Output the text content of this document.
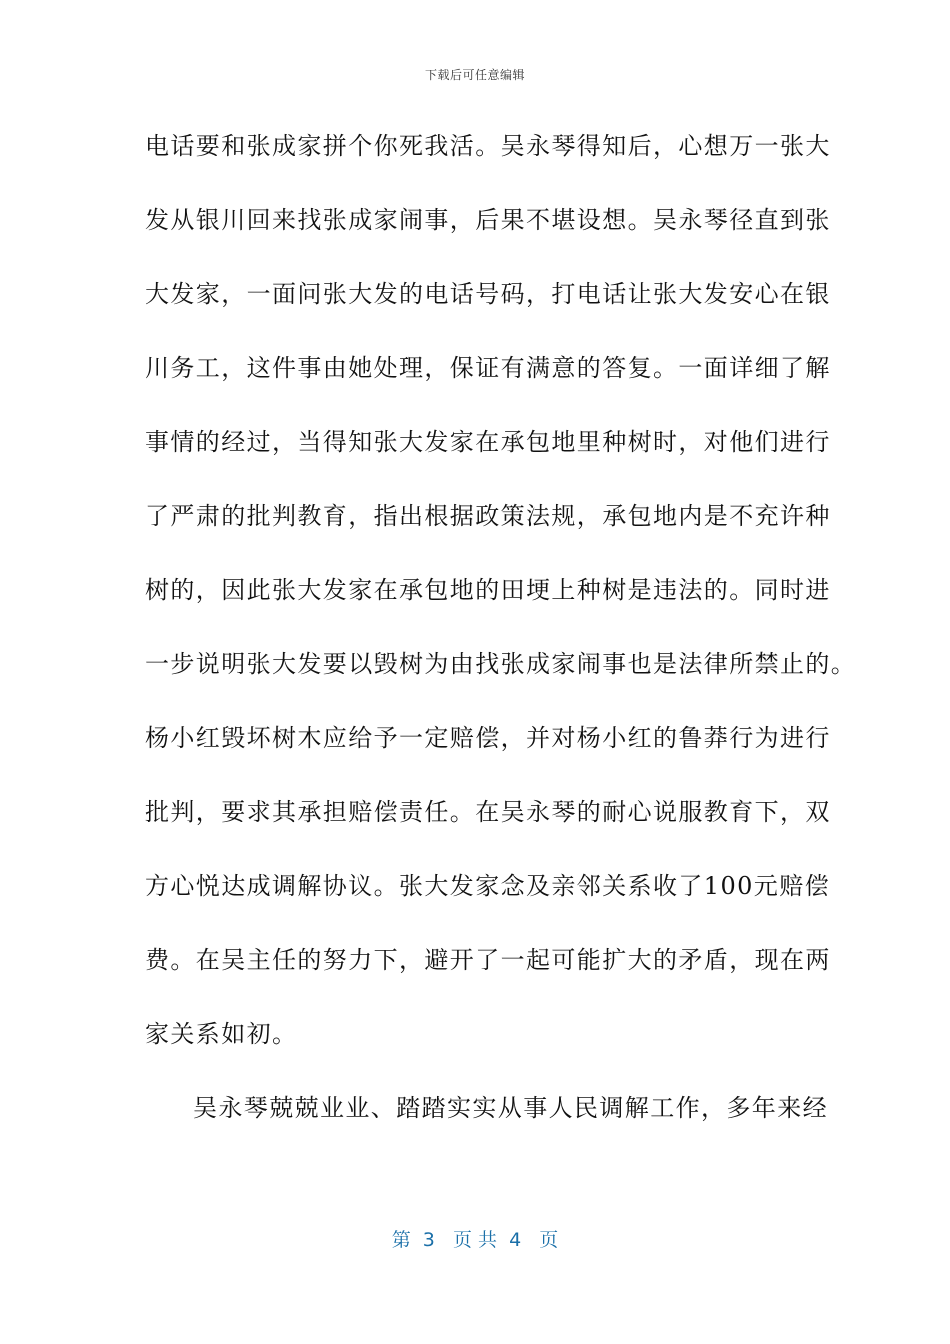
下载后可任意编辑
电话要和张成家拼个你死我活。吴永琴得知后，心想万一张大
发从银川回来找张成家闹事，后果不堪设想。吴永琴径直到张
大发家，一面问张大发的电话号码，打电话让张大发安心在银
川务工，这件事由她处理，保证有满意的答复。一面详细了解
事情的经过，当得知张大发家在承包地里种树时，对他们进行
了严肃的批判教育，指出根据政策法规，承包地内是不充许种
树的，因此张大发家在承包地的田埂上种树是违法的。同时进
一步说明张大发要以毁树为由找张成家闹事也是法律所禁止的。
杨小红毁坏树木应给予一定赔偿，并对杨小红的鲁莽行为进行
批判，要求其承担赔偿责任。在吴永琴的耐心说服教育下，双
方心悦达成调解协议。张大发家念及亲邻关系收了100元赔偿
费。在吴主任的努力下，避开了一起可能扩大的矛盾，现在两
家关系如初。
吴永琴兢兢业业、踏踏实实从事人民调解工作，多年来经
第  3   页 共  4   页
